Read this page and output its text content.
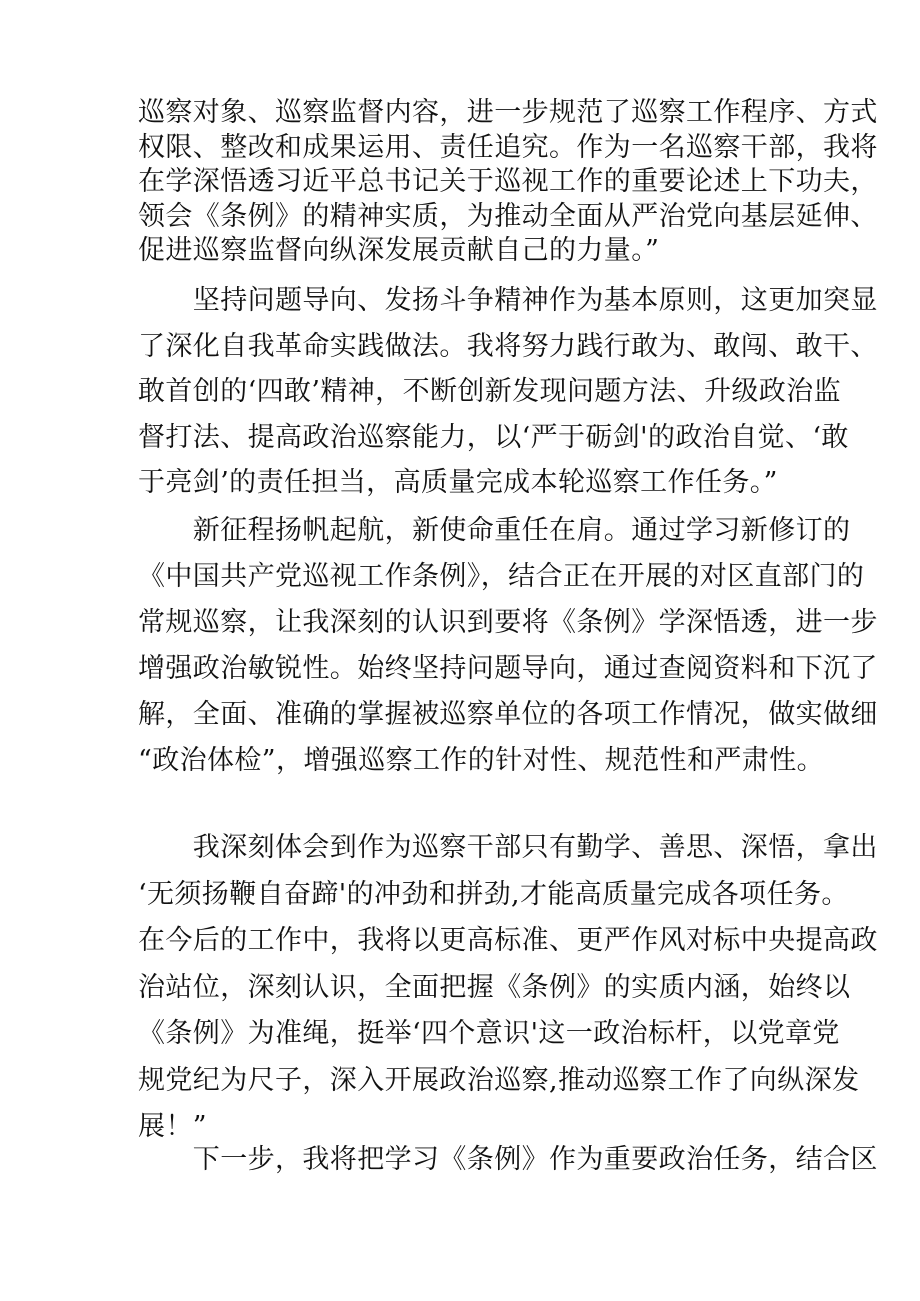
巡察对象、巡察监督内容，进一步规范了巡察工作程序、方式
权限、整改和成果运用、责任追究。作为一名巡察干部，我将
在学深悟透习近平总书记关于巡视工作的重要论述上下功夫，
领会《条例》的精神实质，为推动全面从严治党向基层延伸、
促进巡察监督向纵深发展贡献自己的力量。”
　　坚持问题导向、发扬斗争精神作为基本原则，这更加突显
了深化自我革命实践做法。我将努力践行敢为、敢闯、敢干、
敢首创的‘四敢’精神，不断创新发现问题方法、升级政治监
督打法、提高政治巡察能力，以‘严于砺剑'的政治自觉、‘敢
于亮剑’的责任担当，高质量完成本轮巡察工作任务。”
　　新征程扬帆起航，新使命重任在肩。通过学习新修订的
《中国共产党巡视工作条例》，结合正在开展的对区直部门的
常规巡察，让我深刻的认识到要将《条例》学深悟透，进一步
增强政治敏锐性。始终坚持问题导向，通过查阅资料和下沉了
解，全面、准确的掌握被巡察单位的各项工作情况，做实做细
“政治体检”，增强巡察工作的针对性、规范性和严肃性。
　　我深刻体会到作为巡察干部只有勤学、善思、深悟，拿出
‘无须扬鞭自奋蹄'的冲劲和拼劲,才能高质量完成各项任务。
在今后的工作中，我将以更高标准、更严作风对标中央提高政
治站位，深刻认识，全面把握《条例》的实质内涵，始终以
《条例》为准绳，挺举‘四个意识'这一政治标杆，以党章党
规党纪为尺子，深入开展政治巡察,推动巡察工作了向纵深发
展！”
　　下一步，我将把学习《条例》作为重要政治任务，结合区
